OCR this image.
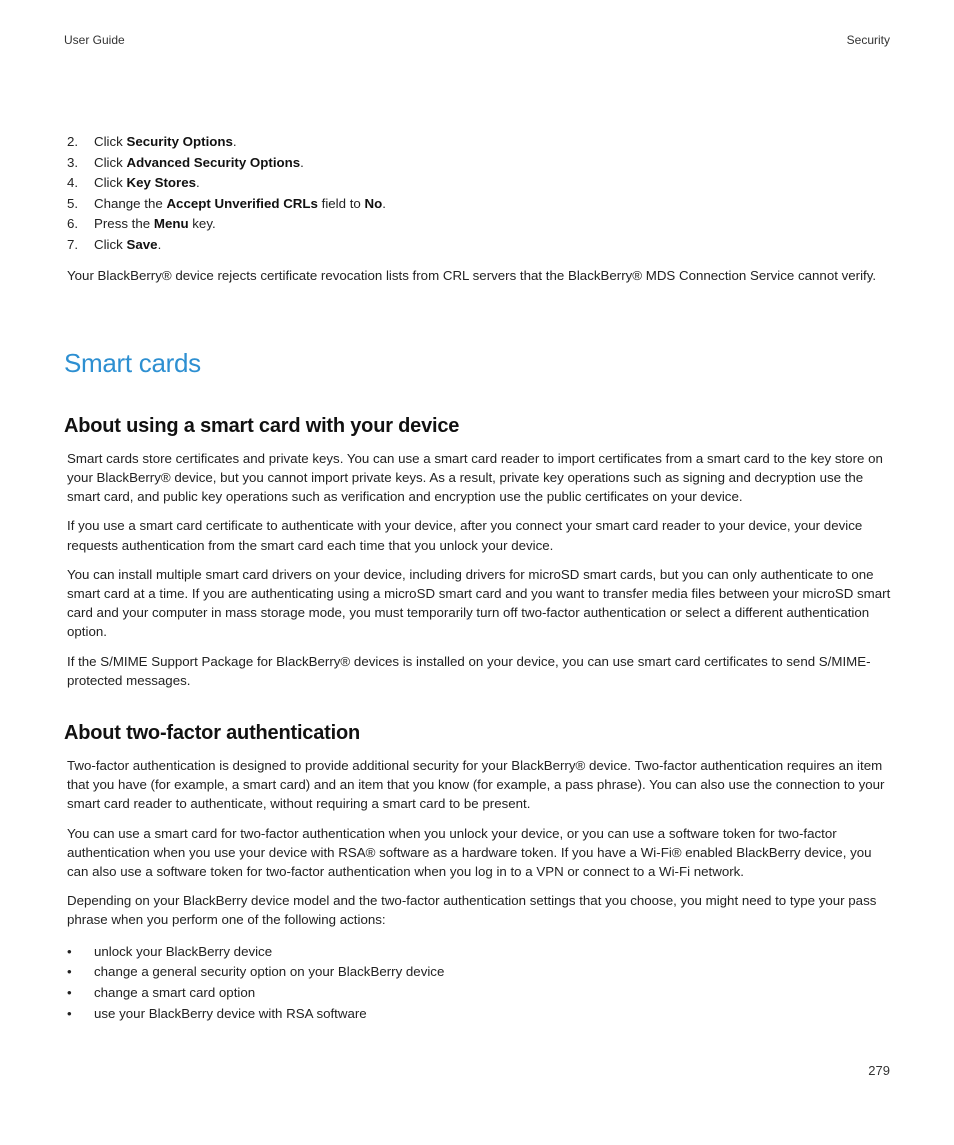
User Guide	Security
2. Click Security Options.
3. Click Advanced Security Options.
4. Click Key Stores.
5. Change the Accept Unverified CRLs field to No.
6. Press the Menu key.
7. Click Save.

Your BlackBerry® device rejects certificate revocation lists from CRL servers that the BlackBerry® MDS Connection Service cannot verify.

Smart cards
About using a smart card with your device

Smart cards store certificates and private keys. You can use a smart card reader to import certificates from a smart card to the key store on your BlackBerry® device, but you cannot import private keys. As a result, private key operations such as signing and decryption use the smart card, and public key operations such as verification and encryption use the public certificates on your device.

If you use a smart card certificate to authenticate with your device, after you connect your smart card reader to your device, your device requests authentication from the smart card each time that you unlock your device.

You can install multiple smart card drivers on your device, including drivers for microSD smart cards, but you can only authenticate to one smart card at a time. If you are authenticating using a microSD smart card and you want to transfer media files between your microSD smart card and your computer in mass storage mode, you must temporarily turn off two-factor authentication or select a different authentication option.

If the S/MIME Support Package for BlackBerry® devices is installed on your device, you can use smart card certificates to send S/MIME-protected messages.

About two-factor authentication

Two-factor authentication is designed to provide additional security for your BlackBerry® device. Two-factor authentication requires an item that you have (for example, a smart card) and an item that you know (for example, a pass phrase). You can also use the connection to your smart card reader to authenticate, without requiring a smart card to be present.

You can use a smart card for two-factor authentication when you unlock your device, or you can use a software token for two-factor authentication when you use your device with RSA® software as a hardware token. If you have a Wi-Fi® enabled BlackBerry device, you can also use a software token for two-factor authentication when you log in to a VPN or connect to a Wi-Fi network.

Depending on your BlackBerry device model and the two-factor authentication settings that you choose, you might need to type your pass phrase when you perform one of the following actions:

• unlock your BlackBerry device
• change a general security option on your BlackBerry device
• change a smart card option
• use your BlackBerry device with RSA software
279
